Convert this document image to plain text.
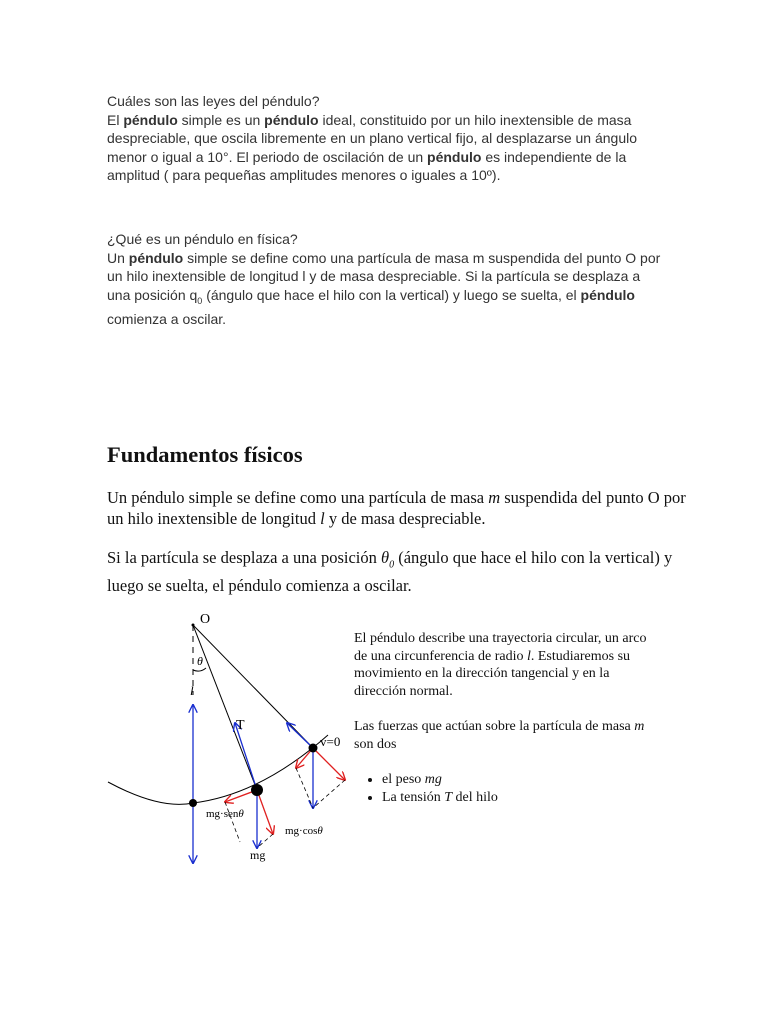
Cuáles son las leyes del péndulo?

El péndulo simple es un péndulo ideal, constituido por un hilo inextensible de masa despreciable, que oscila libremente en un plano vertical fijo, al desplazarse un ángulo menor o igual a 10°. El periodo de oscilación de un péndulo es independiente de la amplitud ( para pequeñas amplitudes menores o iguales a 10º).

¿Qué es un péndulo en física?

Un péndulo simple se define como una partícula de masa m suspendida del punto O por un hilo inextensible de longitud l y de masa despreciable. Si la partícula se desplaza a una posición $q_0$ (ángulo que hace el hilo con la vertical) y luego se suelta, el péndulo comienza a oscilar.

Fundamentos físicos

Un péndulo simple se define como una partícula de masa m suspendida del punto O por un hilo inextensible de longitud l y de masa despreciable.

Si la partícula se desplaza a una posición $\theta_0$ (ángulo que hace el hilo con la vertical) y luego se suelta, el péndulo comienza a oscilar.

O
θ
l
T
v=0
mg·senθ
mg·cosθ
mg

El péndulo describe una trayectoria circular, un arco de una circunferencia de radio l. Estudiaremos su movimiento en la dirección tangencial y en la dirección normal.

Las fuerzas que actúan sobre la partícula de masa m son dos

• el peso mg
• La tensión T del hilo
